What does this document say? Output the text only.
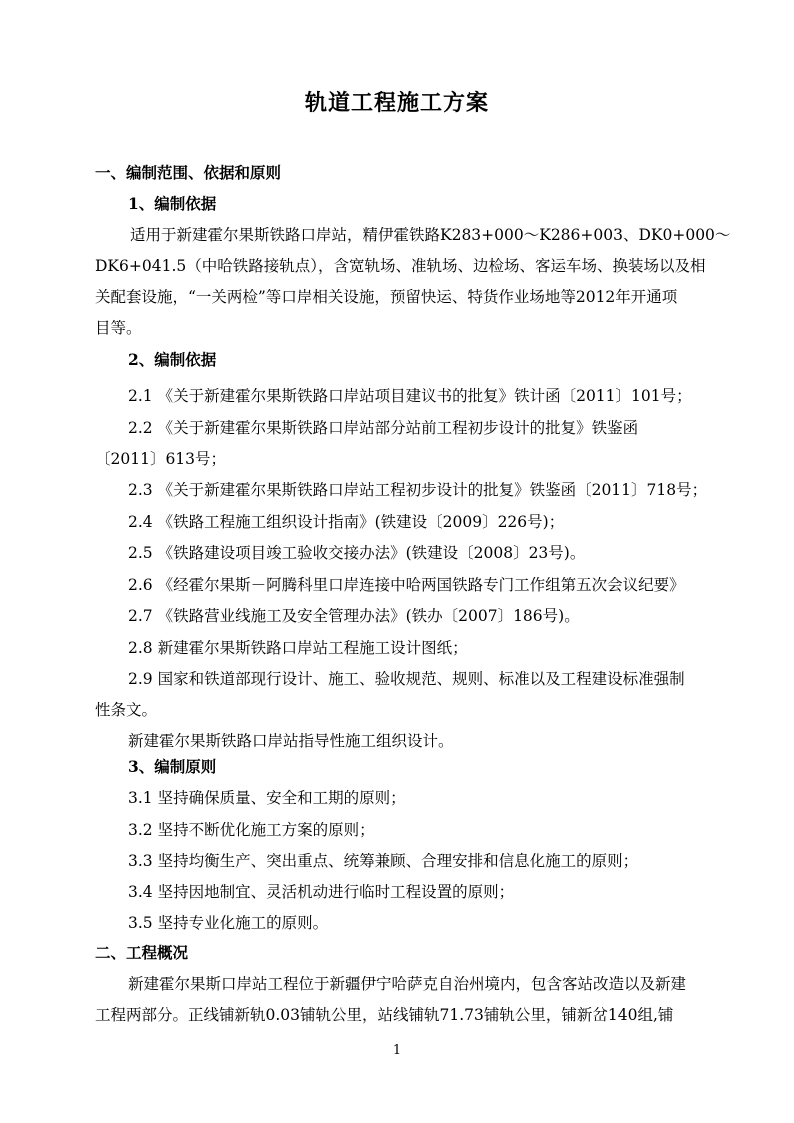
轨道工程施工方案
一、编制范围、依据和原则
1、编制依据
适用于新建霍尔果斯铁路口岸站，精伊霍铁路K283+000～K286+003、DK0+000～
DK6+041.5（中哈铁路接轨点），含宽轨场、准轨场、边检场、客运车场、换装场以及相
关配套设施，“一关两检”等口岸相关设施，预留快运、特货作业场地等2012年开通项
目等。
2、编制依据
2.1 《关于新建霍尔果斯铁路口岸站项目建议书的批复》铁计函〔2011〕101号；
2.2 《关于新建霍尔果斯铁路口岸站部分站前工程初步设计的批复》铁鉴函
〔2011〕613号；
2.3 《关于新建霍尔果斯铁路口岸站工程初步设计的批复》铁鉴函〔2011〕718号；
2.4 《铁路工程施工组织设计指南》(铁建设〔2009〕226号)；
2.5 《铁路建设项目竣工验收交接办法》(铁建设〔2008〕23号)。
2.6 《经霍尔果斯－阿腾科里口岸连接中哈两国铁路专门工作组第五次会议纪要》
2.7 《铁路营业线施工及安全管理办法》(铁办〔2007〕186号)。
2.8 新建霍尔果斯铁路口岸站工程施工设计图纸；
2.9 国家和铁道部现行设计、施工、验收规范、规则、标准以及工程建设标准强制
性条文。
新建霍尔果斯铁路口岸站指导性施工组织设计。
3、编制原则
3.1 坚持确保质量、安全和工期的原则；
3.2 坚持不断优化施工方案的原则；
3.3 坚持均衡生产、突出重点、统筹兼顾、合理安排和信息化施工的原则；
3.4 坚持因地制宜、灵活机动进行临时工程设置的原则；
3.5 坚持专业化施工的原则。
二、工程概况
新建霍尔果斯口岸站工程位于新疆伊宁哈萨克自治州境内，包含客站改造以及新建
工程两部分。正线铺新轨0.03铺轨公里，站线铺轨71.73铺轨公里，铺新岔140组,铺
1
